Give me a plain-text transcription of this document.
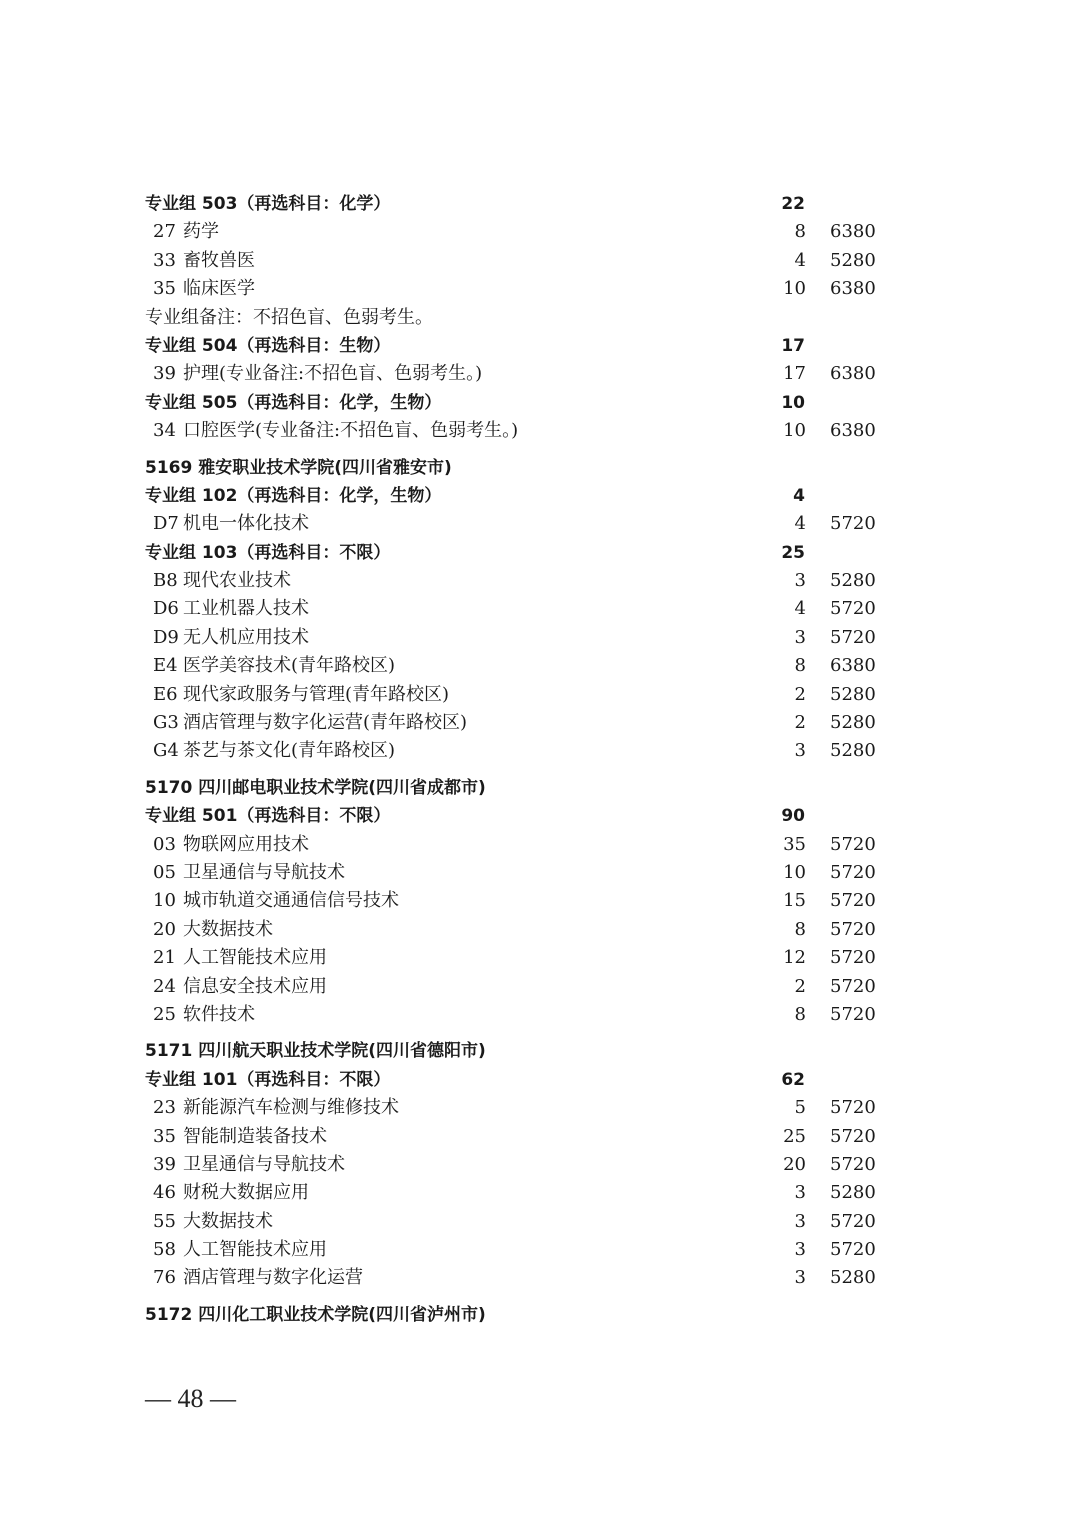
专业组 503（再选科目：化学）	22
27 药学	8 6380
33 畜牧兽医	4 5280
35 临床医学	10 6380
专业组备注：不招色盲、色弱考生。
专业组 504（再选科目：生物）	17
39 护理(专业备注:不招色盲、色弱考生。)	17 6380
专业组 505（再选科目：化学，生物）	10
34 口腔医学(专业备注:不招色盲、色弱考生。)	10 6380
5169 雅安职业技术学院(四川省雅安市)
专业组 102（再选科目：化学，生物）	4
D7 机电一体化技术	4 5720
专业组 103（再选科目：不限）	25
B8 现代农业技术	3 5280
D6 工业机器人技术	4 5720
D9 无人机应用技术	3 5720
E4 医学美容技术(青年路校区)	8 6380
E6 现代家政服务与管理(青年路校区)	2 5280
G3 酒店管理与数字化运营(青年路校区)	2 5280
G4 茶艺与茶文化(青年路校区)	3 5280
5170 四川邮电职业技术学院(四川省成都市)
专业组 501（再选科目：不限）	90
03 物联网应用技术	35 5720
05 卫星通信与导航技术	10 5720
10 城市轨道交通通信信号技术	15 5720
20 大数据技术	8 5720
21 人工智能技术应用	12 5720
24 信息安全技术应用	2 5720
25 软件技术	8 5720
5171 四川航天职业技术学院(四川省德阳市)
专业组 101（再选科目：不限）	62
23 新能源汽车检测与维修技术	5 5720
35 智能制造装备技术	25 5720
39 卫星通信与导航技术	20 5720
46 财税大数据应用	3 5280
55 大数据技术	3 5720
58 人工智能技术应用	3 5720
76 酒店管理与数字化运营	3 5280
5172 四川化工职业技术学院(四川省泸州市)
— 48 —
